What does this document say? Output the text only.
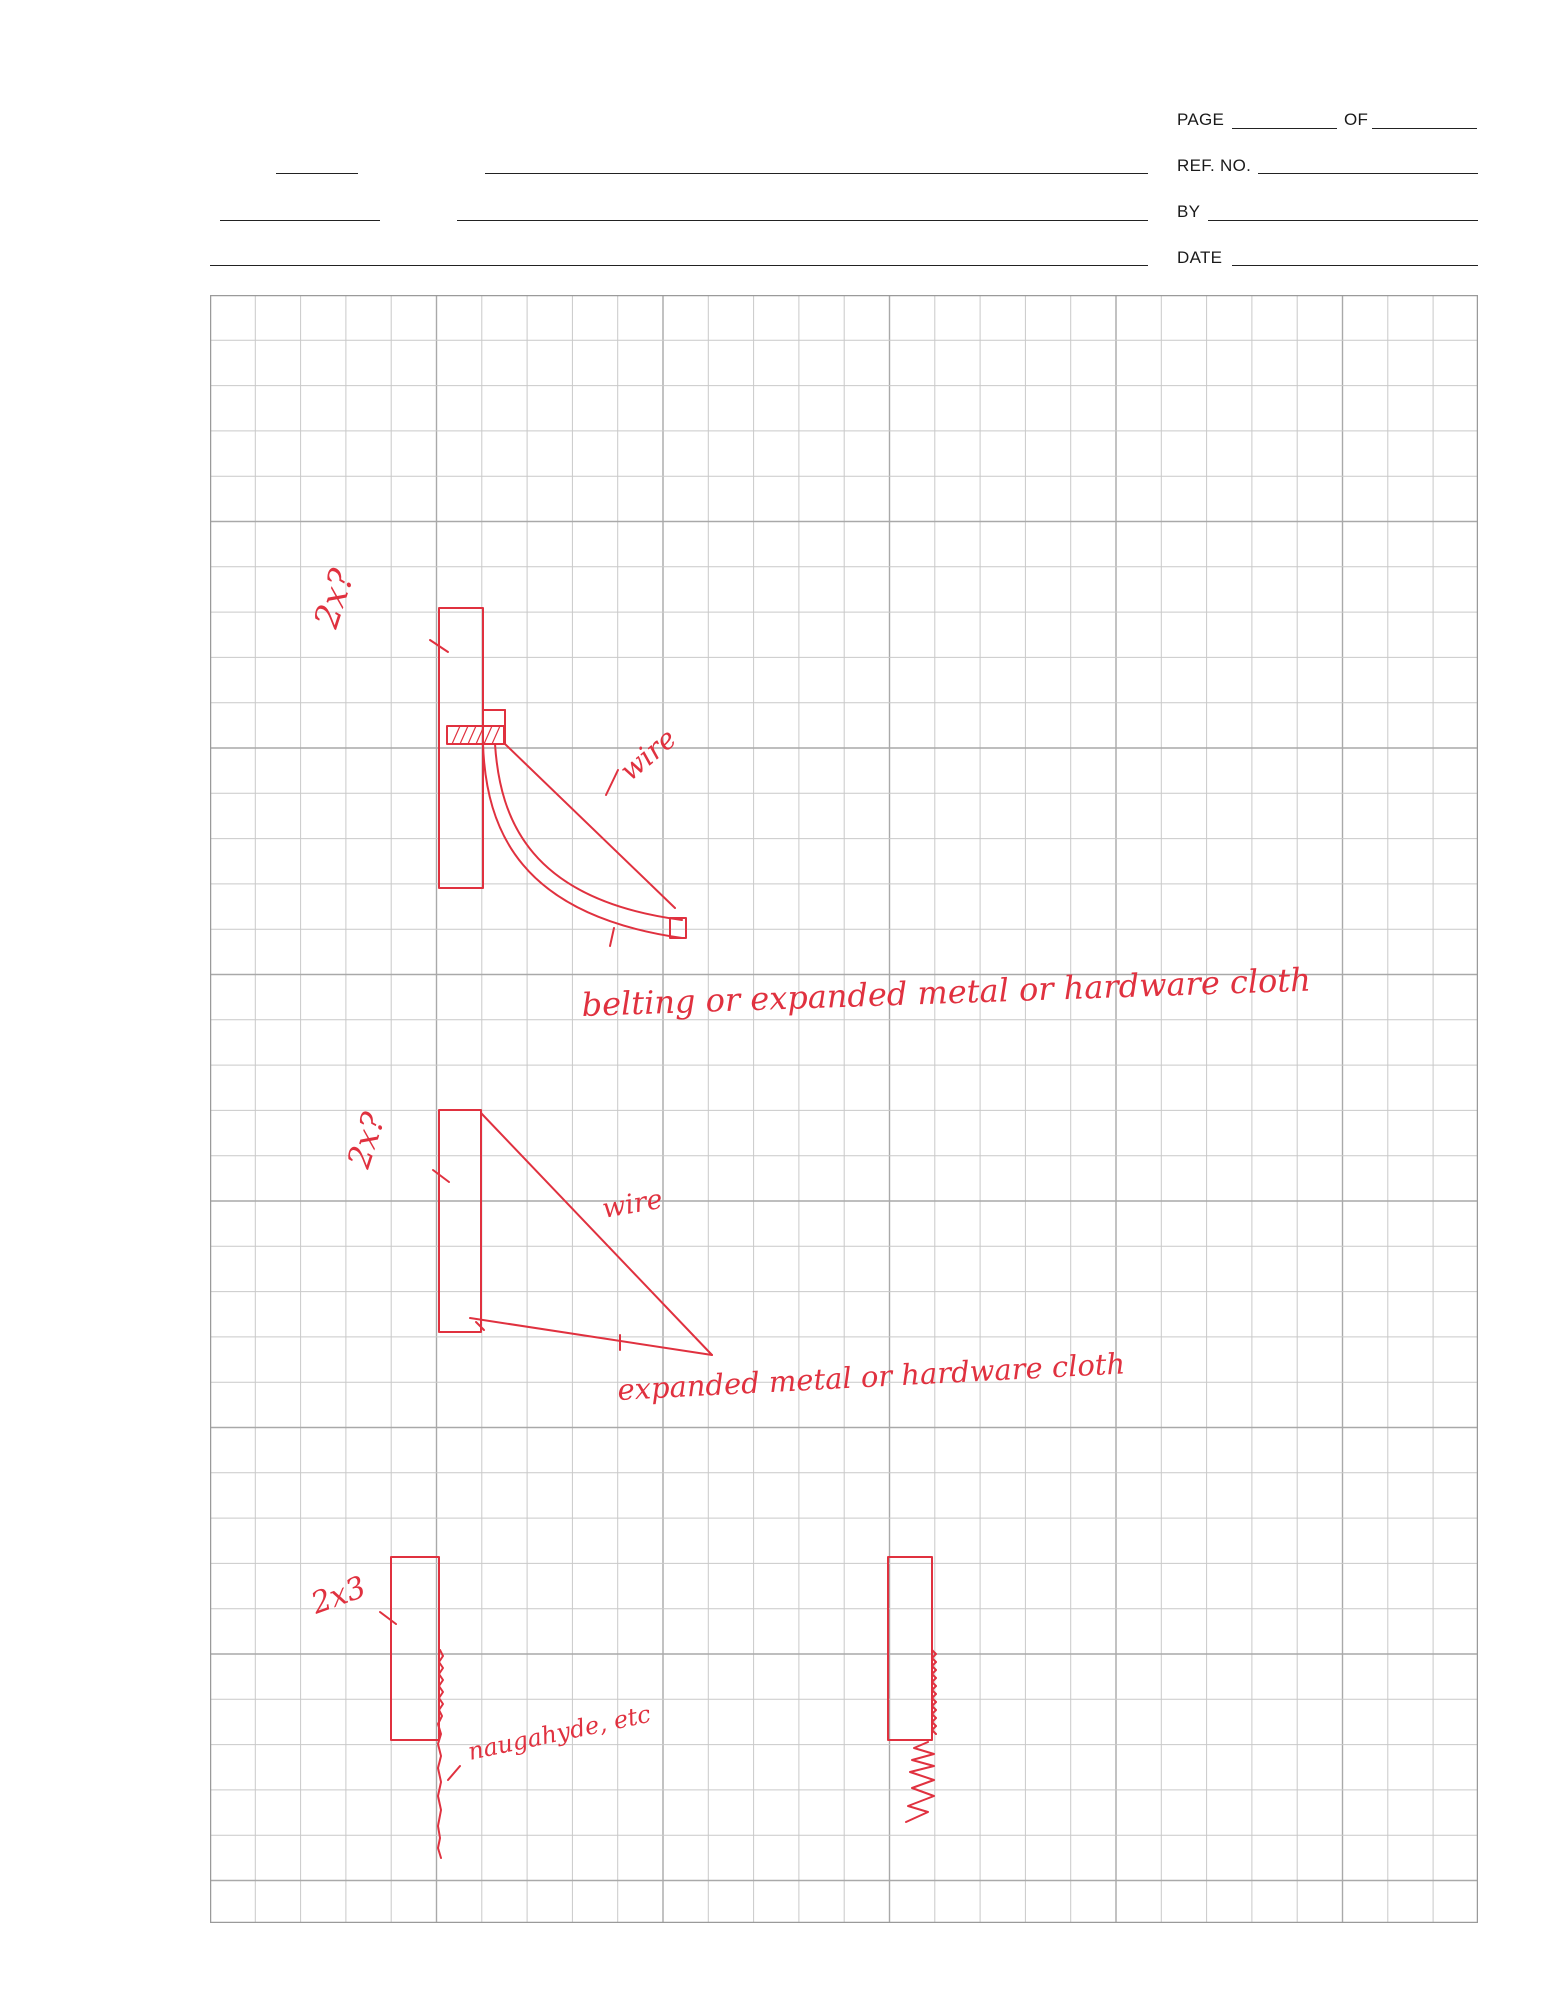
PAGE	OF
REF. NO.
BY
DATE
2x?
wire
belting or expanded metal or hardware cloth
2x?
wire
expanded metal or hardware cloth
2x3
naugahyde, etc
